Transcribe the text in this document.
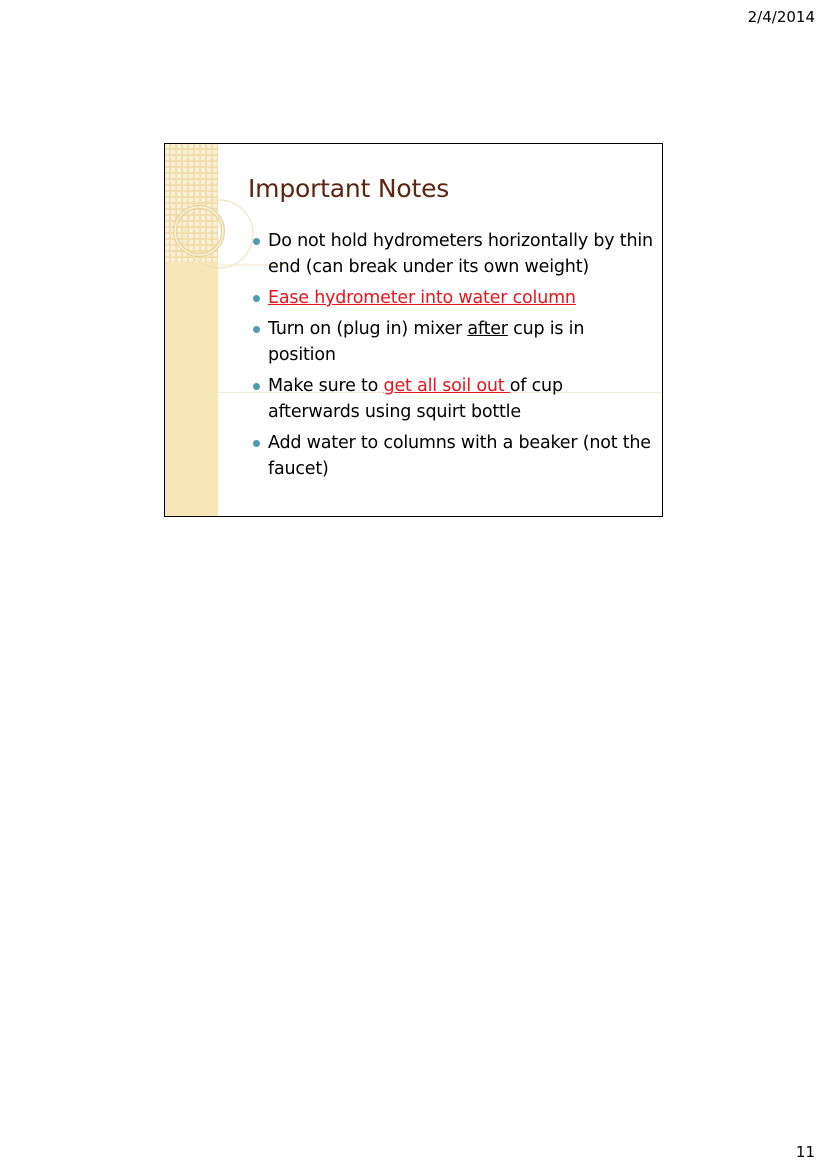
2/4/2014
Important Notes
Do not hold hydrometers horizontally by thin end (can break under its own weight)
Ease hydrometer into water column
Turn on (plug in) mixer after cup is in position
Make sure to get all soil out of cup afterwards using squirt bottle
Add water to columns with a beaker (not the faucet)
11
